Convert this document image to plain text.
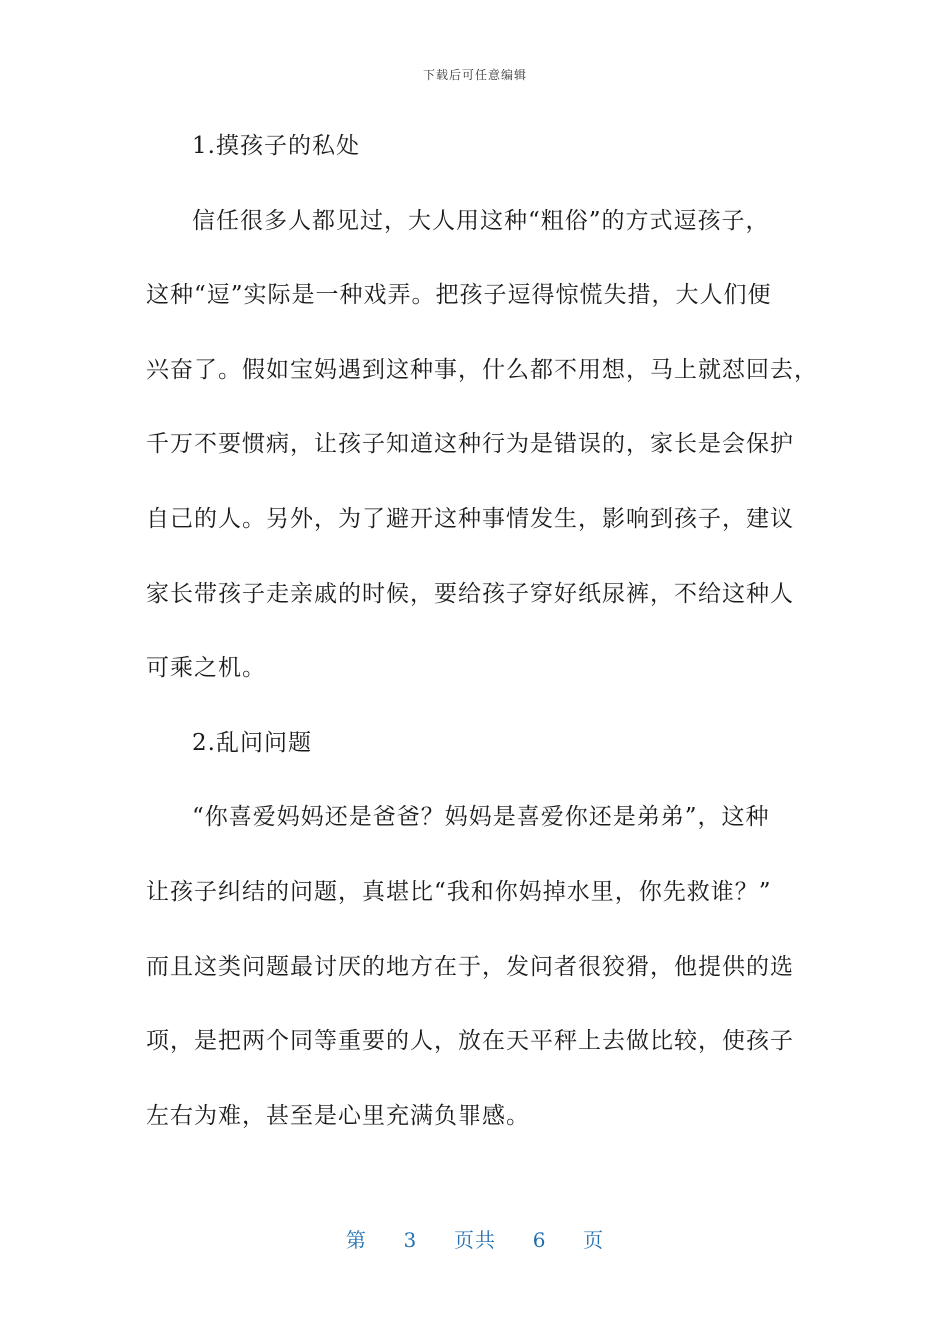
下载后可任意编辑
1.摸孩子的私处
信任很多人都见过，大人用这种“粗俗”的方式逗孩子，
这种“逗”实际是一种戏弄。把孩子逗得惊慌失措，大人们便
兴奋了。假如宝妈遇到这种事，什么都不用想，马上就怼回去，
千万不要惯病，让孩子知道这种行为是错误的，家长是会保护
自己的人。另外，为了避开这种事情发生，影响到孩子，建议
家长带孩子走亲戚的时候，要给孩子穿好纸尿裤，不给这种人
可乘之机。
2.乱问问题
“你喜爱妈妈还是爸爸？妈妈是喜爱你还是弟弟”，这种
让孩子纠结的问题，真堪比“我和你妈掉水里，你先救谁？”
而且这类问题最讨厌的地方在于，发问者很狡猾，他提供的选
项，是把两个同等重要的人，放在天平秤上去做比较，使孩子
左右为难，甚至是心里充满负罪感。
第 3 页共 6 页
